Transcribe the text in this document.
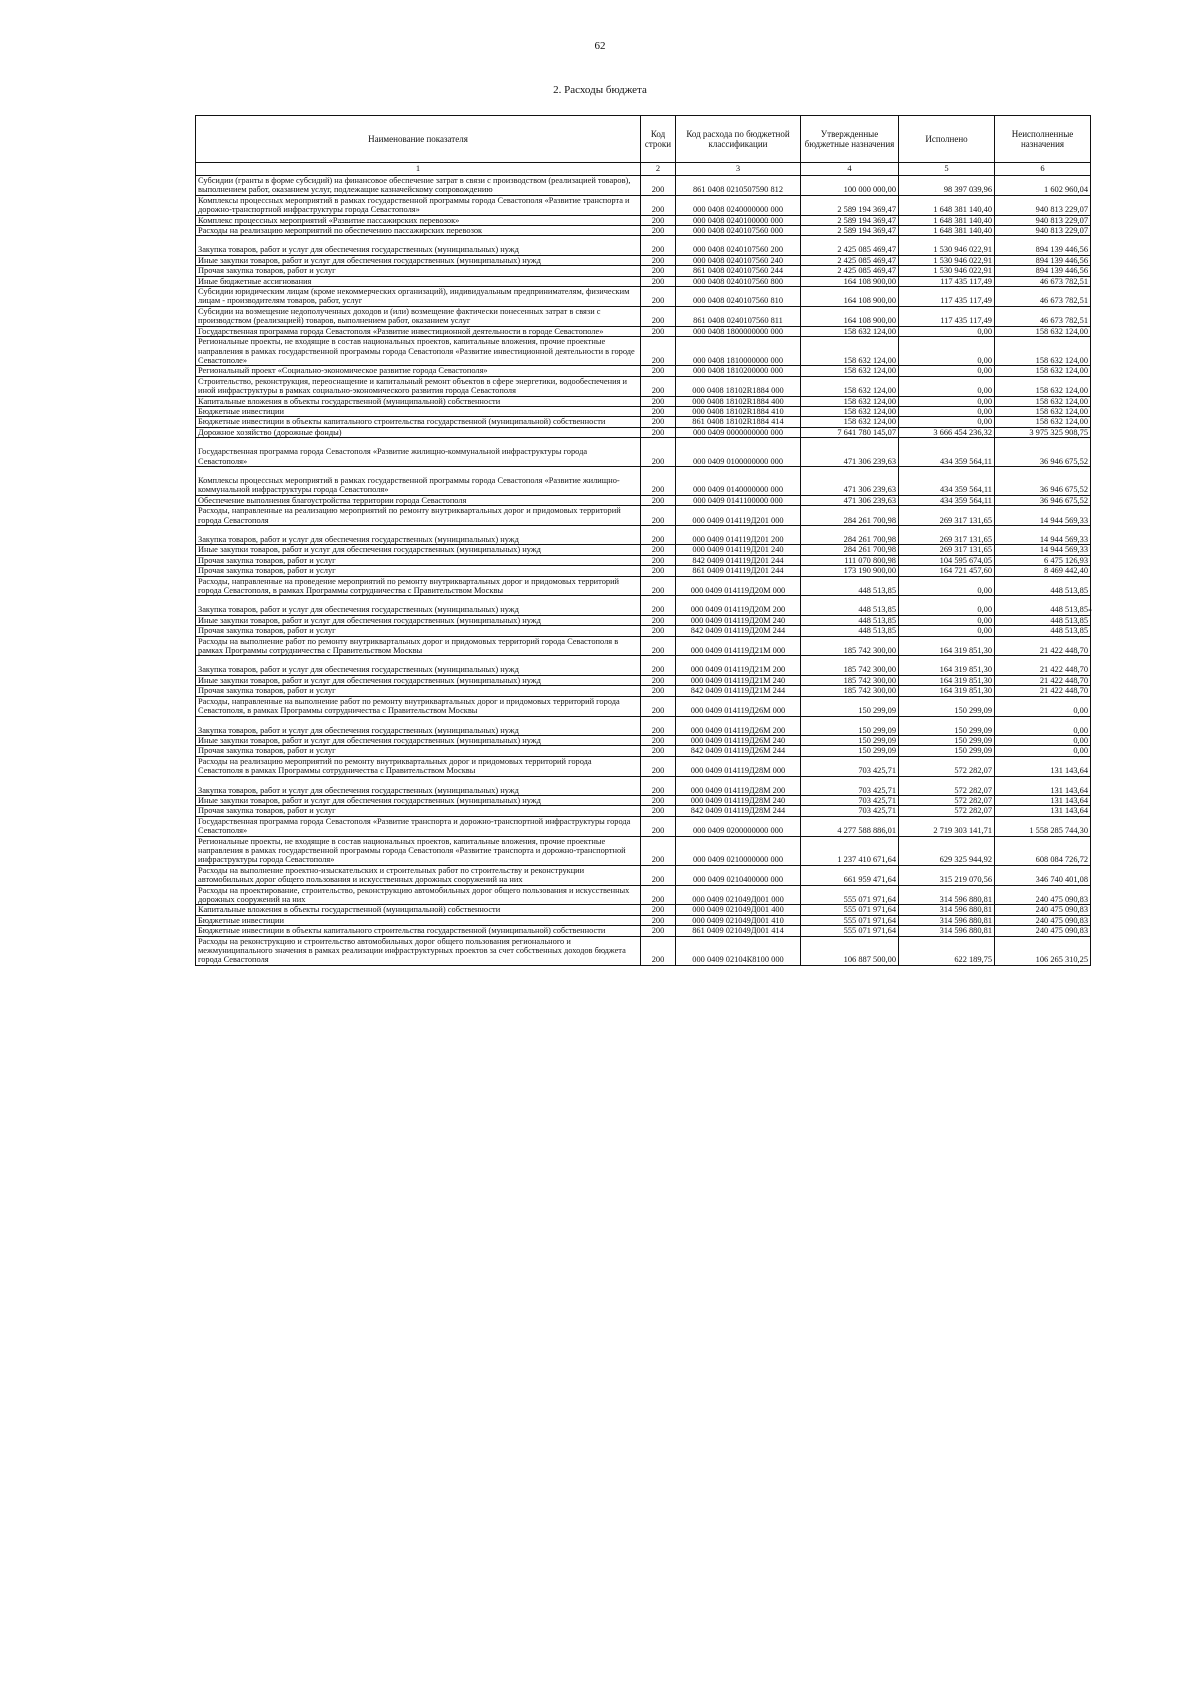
62
2. Расходы бюджета
Наименование показателя	Код строки	Код расхода по бюджетной классификации	Утвержденные бюджетные назначения	Исполнено	Неисполненные назначения
1	2	3	4	5	6
Субсидии (гранты в форме субсидий) на финансовое обеспечение затрат в связи с производством (реализацией товаров), выполнением работ, оказанием услуг, подлежащие казначейскому сопровождению	200	861 0408 0210507590 812	100 000 000,00	98 397 039,96	1 602 960,04
Комплексы процессных мероприятий в рамках государственной программы города Севастополя «Развитие транспорта и дорожно-транспортной инфраструктуры города Севастополя»	200	000 0408 0240000000 000	2 589 194 369,47	1 648 381 140,40	940 813 229,07
Комплекс процессных мероприятий «Развитие пассажирских перевозок»	200	000 0408 0240100000 000	2 589 194 369,47	1 648 381 140,40	940 813 229,07
Расходы на реализацию мероприятий по обеспечению пассажирских перевозок	200	000 0408 0240107560 000	2 589 194 369,47	1 648 381 140,40	940 813 229,07
Закупка товаров, работ и услуг для обеспечения государственных (муниципальных) нужд	200	000 0408 0240107560 200	2 425 085 469,47	1 530 946 022,91	894 139 446,56
Иные закупки товаров, работ и услуг для обеспечения государственных (муниципальных) нужд	200	000 0408 0240107560 240	2 425 085 469,47	1 530 946 022,91	894 139 446,56
Прочая закупка товаров, работ и услуг	200	861 0408 0240107560 244	2 425 085 469,47	1 530 946 022,91	894 139 446,56
Иные бюджетные ассигнования	200	000 0408 0240107560 800	164 108 900,00	117 435 117,49	46 673 782,51
Субсидии юридическим лицам (кроме некоммерческих организаций), индивидуальным предпринимателям, физическим лицам - производителям товаров, работ, услуг	200	000 0408 0240107560 810	164 108 900,00	117 435 117,49	46 673 782,51
Субсидии на возмещение недополученных доходов и (или) возмещение фактически понесенных затрат в связи с производством (реализацией) товаров, выполнением работ, оказанием услуг	200	861 0408 0240107560 811	164 108 900,00	117 435 117,49	46 673 782,51
Государственная программа города Севастополя «Развитие инвестиционной деятельности в городе Севастополе»	200	000 0408 1800000000 000	158 632 124,00	0,00	158 632 124,00
Региональные проекты, не входящие в состав национальных проектов, капитальные вложения, прочие проектные направления в рамках государственной программы города Севастополя «Развитие инвестиционной деятельности в городе Севастополе»	200	000 0408 1810000000 000	158 632 124,00	0,00	158 632 124,00
Региональный проект «Социально-экономическое развитие города Севастополя»	200	000 0408 1810200000 000	158 632 124,00	0,00	158 632 124,00
Строительство, реконструкция, переоснащение и капитальный ремонт объектов в сфере энергетики, водообеспечения и иной инфраструктуры в рамках социально-экономического развития города Севастополя	200	000 0408 18102R1884 000	158 632 124,00	0,00	158 632 124,00
Капитальные вложения в объекты государственной (муниципальной) собственности	200	000 0408 18102R1884 400	158 632 124,00	0,00	158 632 124,00
Бюджетные инвестиции	200	000 0408 18102R1884 410	158 632 124,00	0,00	158 632 124,00
Бюджетные инвестиции в объекты капитального строительства государственной (муниципальной) собственности	200	861 0408 18102R1884 414	158 632 124,00	0,00	158 632 124,00
Дорожное хозяйство (дорожные фонды)	200	000 0409 0000000000 000	7 641 780 145,07	3 666 454 236,32	3 975 325 908,75
Государственная программа города Севастополя «Развитие жилищно-коммунальной инфраструктуры города Севастополя»	200	000 0409 0100000000 000	471 306 239,63	434 359 564,11	36 946 675,52
Комплексы процессных мероприятий в рамках государственной программы города Севастополя «Развитие жилищно-коммунальной инфраструктуры города Севастополя»	200	000 0409 0140000000 000	471 306 239,63	434 359 564,11	36 946 675,52
Обеспечение выполнения благоустройства территории города Севастополя	200	000 0409 0141100000 000	471 306 239,63	434 359 564,11	36 946 675,52
Расходы, направленные на реализацию мероприятий по ремонту внутриквартальных дорог и придомовых территорий города Севастополя	200	000 0409 014119Д201 000	284 261 700,98	269 317 131,65	14 944 569,33
Закупка товаров, работ и услуг для обеспечения государственных (муниципальных) нужд	200	000 0409 014119Д201 200	284 261 700,98	269 317 131,65	14 944 569,33
Иные закупки товаров, работ и услуг для обеспечения государственных (муниципальных) нужд	200	000 0409 014119Д201 240	284 261 700,98	269 317 131,65	14 944 569,33
Прочая закупка товаров, работ и услуг	200	842 0409 014119Д201 244	111 070 800,98	104 595 674,05	6 475 126,93
Прочая закупка товаров, работ и услуг	200	861 0409 014119Д201 244	173 190 900,00	164 721 457,60	8 469 442,40
Расходы, направленные на проведение мероприятий по ремонту внутриквартальных дорог и придомовых территорий города Севастополя, в рамках Программы сотрудничества с Правительством Москвы	200	000 0409 014119Д20М 000	448 513,85	0,00	448 513,85
Закупка товаров, работ и услуг для обеспечения государственных (муниципальных) нужд	200	000 0409 014119Д20М 200	448 513,85	0,00	448 513,85
Иные закупки товаров, работ и услуг для обеспечения государственных (муниципальных) нужд	200	000 0409 014119Д20М 240	448 513,85	0,00	448 513,85
Прочая закупка товаров, работ и услуг	200	842 0409 014119Д20М 244	448 513,85	0,00	448 513,85
Расходы на выполнение работ по ремонту внутриквартальных дорог и придомовых территорий города Севастополя в рамках Программы сотрудничества с Правительством Москвы	200	000 0409 014119Д21М 000	185 742 300,00	164 319 851,30	21 422 448,70
Закупка товаров, работ и услуг для обеспечения государственных (муниципальных) нужд	200	000 0409 014119Д21М 200	185 742 300,00	164 319 851,30	21 422 448,70
Иные закупки товаров, работ и услуг для обеспечения государственных (муниципальных) нужд	200	000 0409 014119Д21М 240	185 742 300,00	164 319 851,30	21 422 448,70
Прочая закупка товаров, работ и услуг	200	842 0409 014119Д21М 244	185 742 300,00	164 319 851,30	21 422 448,70
Расходы, направленные на выполнение работ по ремонту внутриквартальных дорог и придомовых территорий города Севастополя, в рамках Программы сотрудничества с Правительством Москвы	200	000 0409 014119Д26М 000	150 299,09	150 299,09	0,00
Закупка товаров, работ и услуг для обеспечения государственных (муниципальных) нужд	200	000 0409 014119Д26М 200	150 299,09	150 299,09	0,00
Иные закупки товаров, работ и услуг для обеспечения государственных (муниципальных) нужд	200	000 0409 014119Д26М 240	150 299,09	150 299,09	0,00
Прочая закупка товаров, работ и услуг	200	842 0409 014119Д26М 244	150 299,09	150 299,09	0,00
Расходы на реализацию мероприятий по ремонту внутриквартальных дорог и придомовых территорий города Севастополя в рамках Программы сотрудничества с Правительством Москвы	200	000 0409 014119Д28М 000	703 425,71	572 282,07	131 143,64
Закупка товаров, работ и услуг для обеспечения государственных (муниципальных) нужд	200	000 0409 014119Д28М 200	703 425,71	572 282,07	131 143,64
Иные закупки товаров, работ и услуг для обеспечения государственных (муниципальных) нужд	200	000 0409 014119Д28М 240	703 425,71	572 282,07	131 143,64
Прочая закупка товаров, работ и услуг	200	842 0409 014119Д28М 244	703 425,71	572 282,07	131 143,64
Государственная программа города Севастополя «Развитие транспорта и дорожно-транспортной инфраструктуры города Севастополя»	200	000 0409 0200000000 000	4 277 588 886,01	2 719 303 141,71	1 558 285 744,30
Региональные проекты, не входящие в состав национальных проектов, капитальные вложения, прочие проектные направления в рамках государственной программы города Севастополя «Развитие транспорта и дорожно-транспортной инфраструктуры города Севастополя»	200	000 0409 0210000000 000	1 237 410 671,64	629 325 944,92	608 084 726,72
Расходы на выполнение проектно-изыскательских и строительных работ по строительству и реконструкции автомобильных дорог общего пользования и искусственных дорожных сооружений на них	200	000 0409 0210400000 000	661 959 471,64	315 219 070,56	346 740 401,08
Расходы на проектирование, строительство, реконструкцию автомобильных дорог общего пользования и искусственных дорожных сооружений на них	200	000 0409 021049Д001 000	555 071 971,64	314 596 880,81	240 475 090,83
Капитальные вложения в объекты государственной (муниципальной) собственности	200	000 0409 021049Д001 400	555 071 971,64	314 596 880,81	240 475 090,83
Бюджетные инвестиции	200	000 0409 021049Д001 410	555 071 971,64	314 596 880,81	240 475 090,83
Бюджетные инвестиции в объекты капитального строительства государственной (муниципальной) собственности	200	861 0409 021049Д001 414	555 071 971,64	314 596 880,81	240 475 090,83
Расходы на реконструкцию и строительство автомобильных дорог общего пользования регионального и межмуниципального значения в рамках реализации инфраструктурных проектов за счет собственных доходов бюджета города Севастополя	200	000 0409 02104К8100 000	106 887 500,00	622 189,75	106 265 310,25
‐
